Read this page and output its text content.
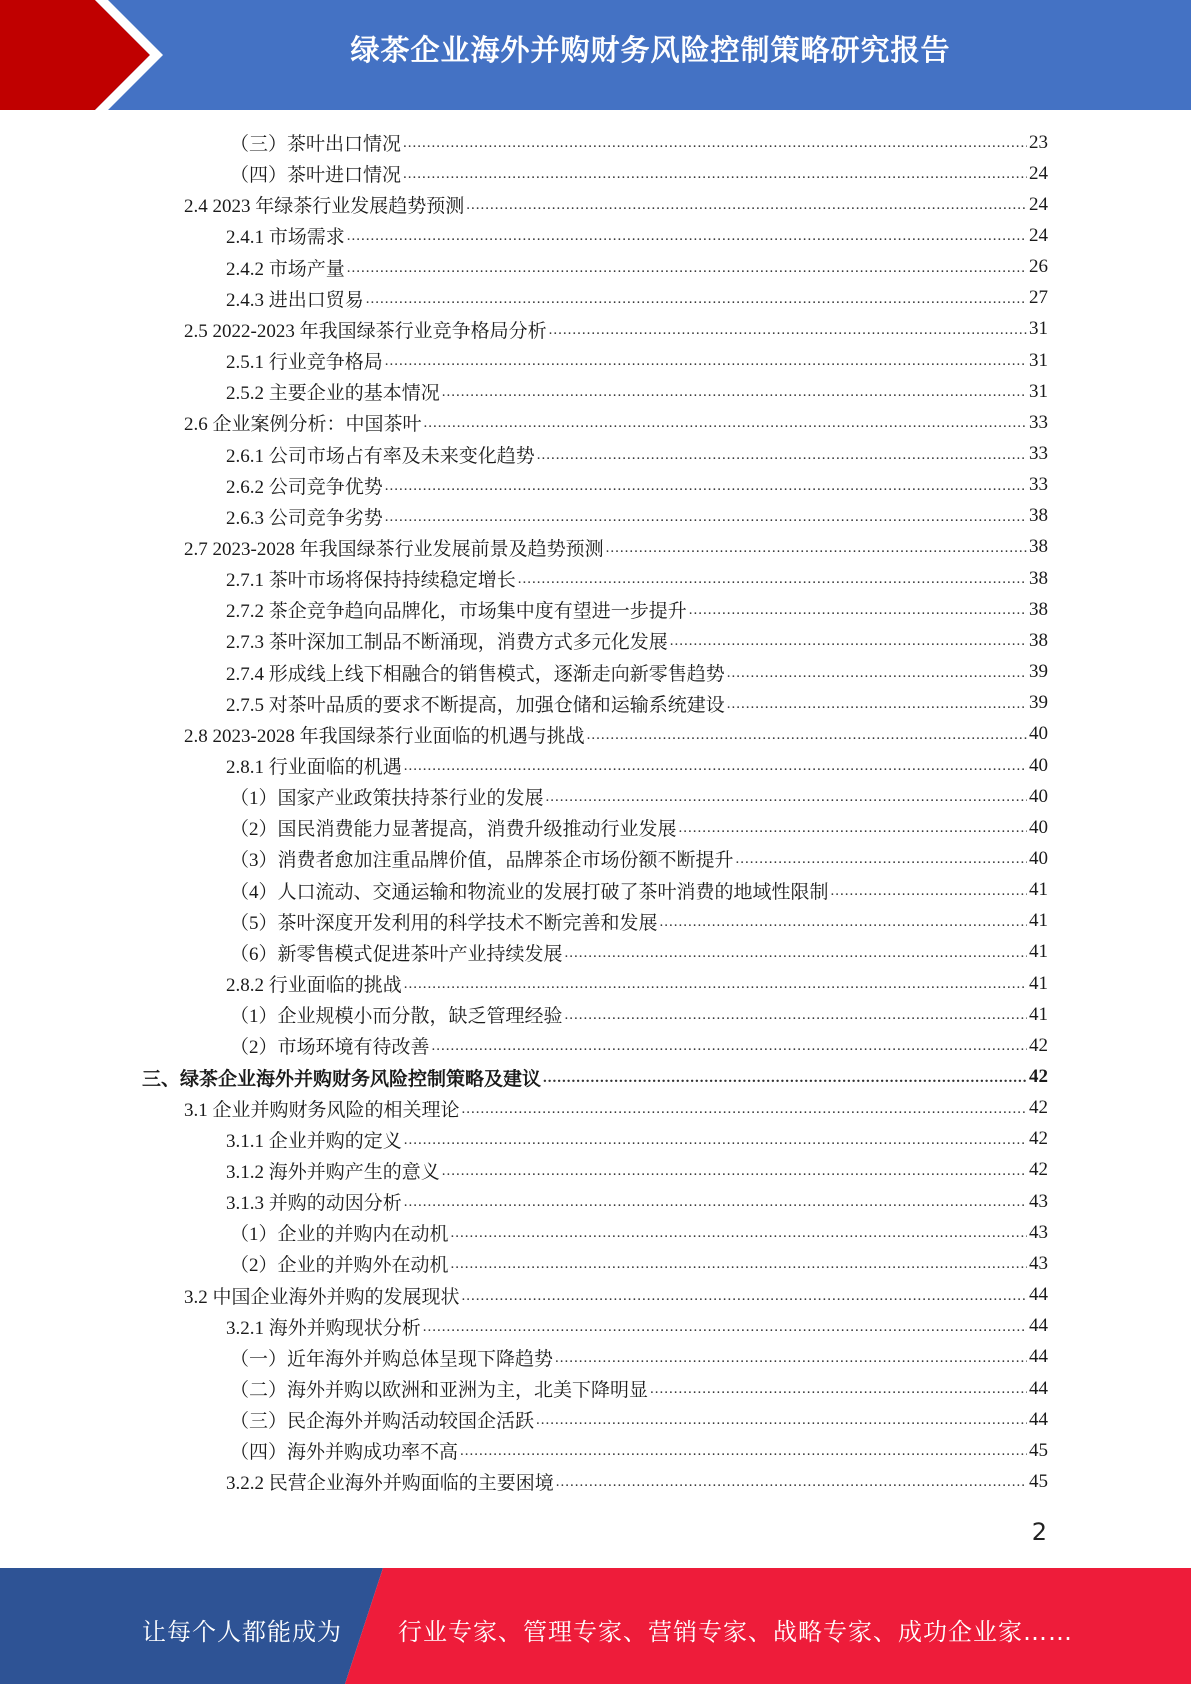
绿茶企业海外并购财务风险控制策略研究报告
（三）茶叶出口情况 .....	23
（四）茶叶进口情况 .....	24
2.4 2023 年绿茶行业发展趋势预测 .....	24
2.4.1 市场需求 .....	24
2.4.2 市场产量 .....	26
2.4.3 进出口贸易 .....	27
2.5 2022-2023 年我国绿茶行业竞争格局分析 .....	31
2.5.1 行业竞争格局 .....	31
2.5.2 主要企业的基本情况 .....	31
2.6 企业案例分析：中国茶叶 .....	33
2.6.1 公司市场占有率及未来变化趋势 .....	33
2.6.2 公司竞争优势 .....	33
2.6.3 公司竞争劣势 .....	38
2.7 2023-2028 年我国绿茶行业发展前景及趋势预测 .....	38
2.7.1 茶叶市场将保持持续稳定增长 .....	38
2.7.2 茶企竞争趋向品牌化，市场集中度有望进一步提升 .....	38
2.7.3 茶叶深加工制品不断涌现，消费方式多元化发展 .....	38
2.7.4 形成线上线下相融合的销售模式，逐渐走向新零售趋势 .....	39
2.7.5 对茶叶品质的要求不断提高，加强仓储和运输系统建设 .....	39
2.8 2023-2028 年我国绿茶行业面临的机遇与挑战 .....	40
2.8.1 行业面临的机遇 .....	40
（1）国家产业政策扶持茶行业的发展 .....	40
（2）国民消费能力显著提高，消费升级推动行业发展 .....	40
（3）消费者愈加注重品牌价值，品牌茶企市场份额不断提升 .....	40
（4）人口流动、交通运输和物流业的发展打破了茶叶消费的地域性限制 .....	41
（5）茶叶深度开发利用的科学技术不断完善和发展 .....	41
（6）新零售模式促进茶叶产业持续发展 .....	41
2.8.2 行业面临的挑战 .....	41
（1）企业规模小而分散，缺乏管理经验 .....	41
（2）市场环境有待改善 .....	42
三、绿茶企业海外并购财务风险控制策略及建议 .....	42
3.1 企业并购财务风险的相关理论 .....	42
3.1.1 企业并购的定义 .....	42
3.1.2 海外并购产生的意义 .....	42
3.1.3 并购的动因分析 .....	43
（1）企业的并购内在动机 .....	43
（2）企业的并购外在动机 .....	43
3.2 中国企业海外并购的发展现状 .....	44
3.2.1 海外并购现状分析 .....	44
（一）近年海外并购总体呈现下降趋势 .....	44
（二）海外并购以欧洲和亚洲为主，北美下降明显 .....	44
（三）民企海外并购活动较国企活跃 .....	44
（四）海外并购成功率不高 .....	45
3.2.2 民营企业海外并购面临的主要困境 .....	45
2
让每个人都能成为 行业专家、管理专家、营销专家、战略专家、成功企业家……
